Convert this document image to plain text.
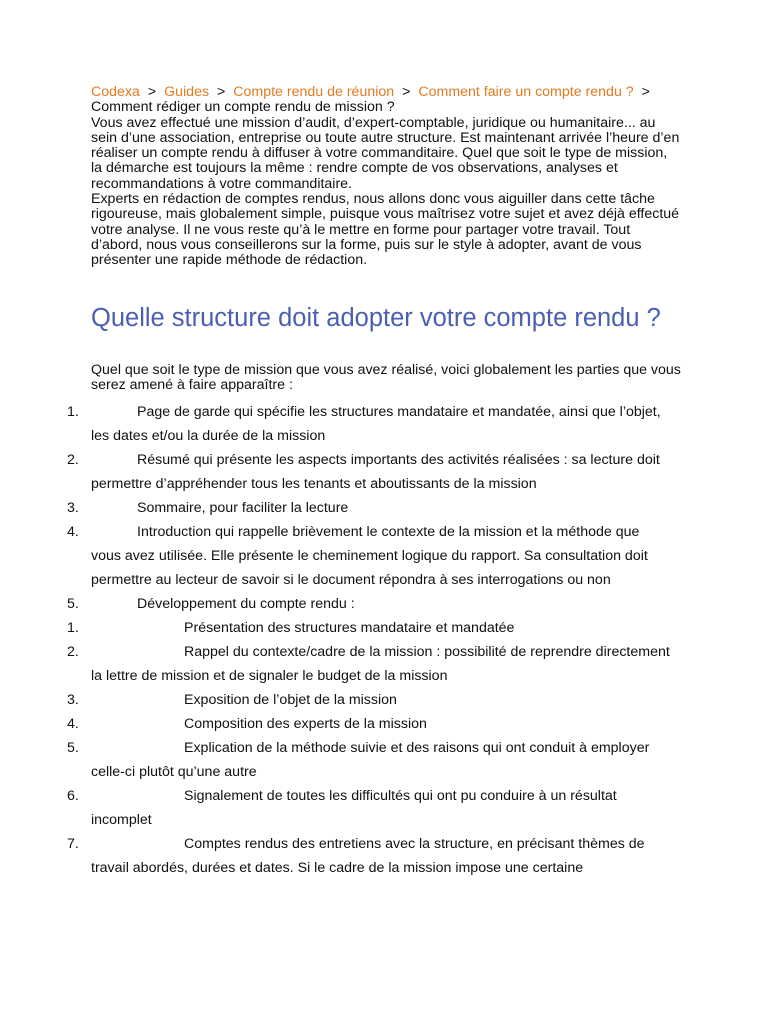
Codexa > Guides > Compte rendu de réunion > Comment faire un compte rendu ? > Comment rédiger un compte rendu de mission ?
Vous avez effectué une mission d’audit, d’expert-comptable, juridique ou humanitaire... au sein d’une association, entreprise ou toute autre structure. Est maintenant arrivée l’heure d’en réaliser un compte rendu à diffuser à votre commanditaire. Quel que soit le type de mission, la démarche est toujours la même : rendre compte de vos observations, analyses et recommandations à votre commanditaire.
Experts en rédaction de comptes rendus, nous allons donc vous aiguiller dans cette tâche rigoureuse, mais globalement simple, puisque vous maîtrisez votre sujet et avez déjà effectué votre analyse. Il ne vous reste qu’à le mettre en forme pour partager votre travail. Tout d’abord, nous vous conseillerons sur la forme, puis sur le style à adopter, avant de vous présenter une rapide méthode de rédaction.
Quelle structure doit adopter votre compte rendu ?
Quel que soit le type de mission que vous avez réalisé, voici globalement les parties que vous serez amené à faire apparaître :
1.	Page de garde qui spécifie les structures mandataire et mandatée, ainsi que l’objet, les dates et/ou la durée de la mission
2.	Résumé qui présente les aspects importants des activités réalisées : sa lecture doit permettre d’appréhender tous les tenants et aboutissants de la mission
3.	Sommaire, pour faciliter la lecture
4.	Introduction qui rappelle brièvement le contexte de la mission et la méthode que vous avez utilisée. Elle présente le cheminement logique du rapport. Sa consultation doit permettre au lecteur de savoir si le document répondra à ses interrogations ou non
5.	Développement du compte rendu :
1.	Présentation des structures mandataire et mandatée
2.	Rappel du contexte/cadre de la mission : possibilité de reprendre directement la lettre de mission et de signaler le budget de la mission
3.	Exposition de l’objet de la mission
4.	Composition des experts de la mission
5.	Explication de la méthode suivie et des raisons qui ont conduit à employer celle-ci plutôt qu’une autre
6.	Signalement de toutes les difficultés qui ont pu conduire à un résultat incomplet
7.	Comptes rendus des entretiens avec la structure, en précisant thèmes de travail abordés, durées et dates. Si le cadre de la mission impose une certaine
